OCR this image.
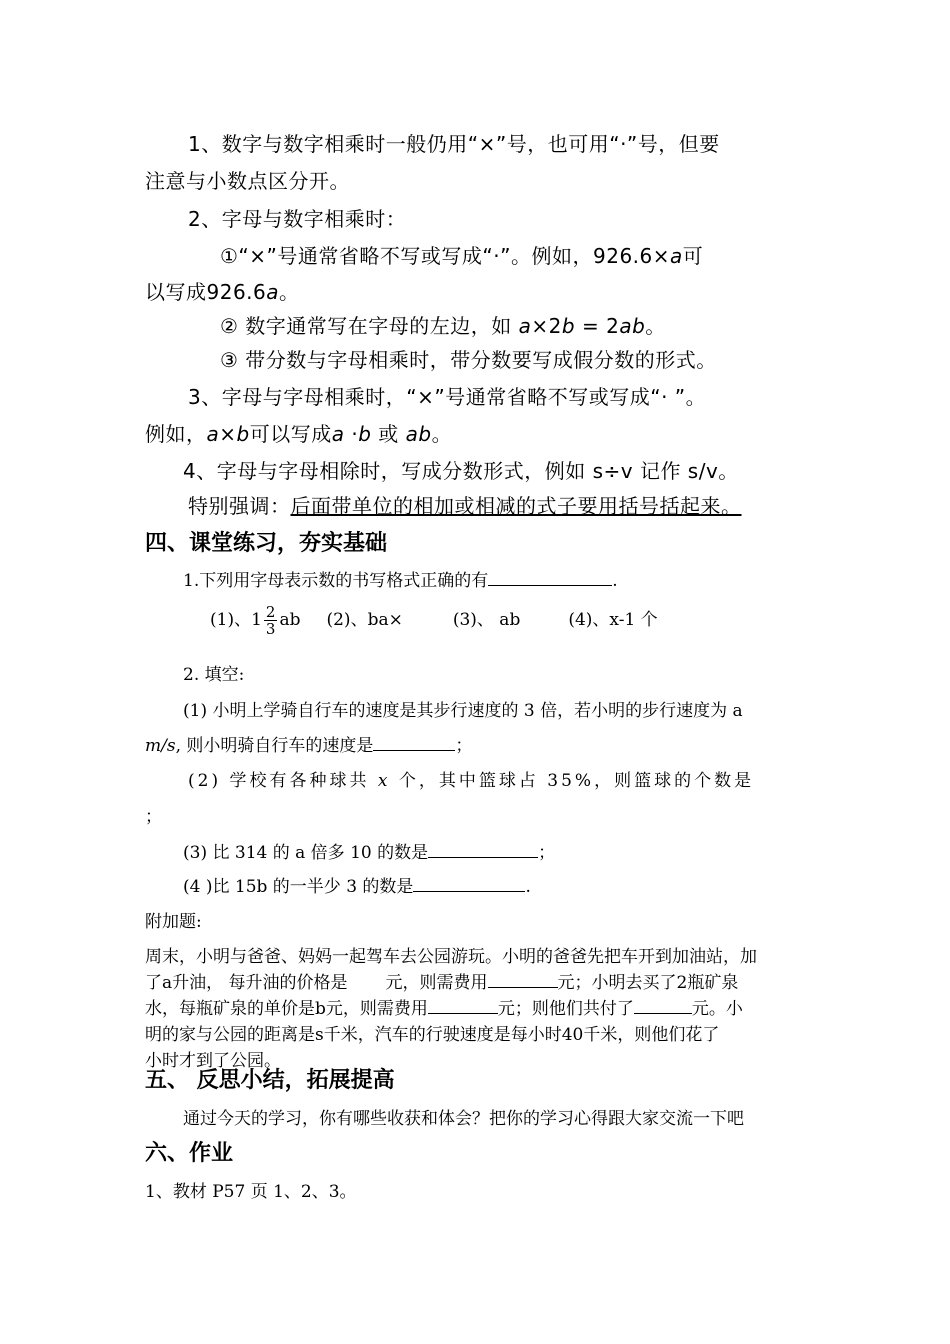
1、数字与数字相乘时一般仍用“×”号，也可用“·”号，但要
注意与小数点区分开。
2、字母与数字相乘时：
①“×”号通常省略不写或写成“·”。例如，926.6×a可
以写成926.6a。
② 数字通常写在字母的左边，如 a×2b = 2ab。
③ 带分数与字母相乘时，带分数要写成假分数的形式。
3、字母与字母相乘时，“×”号通常省略不写或写成“· ”。
例如，a×b可以写成a ·b 或 ab。
4、字母与字母相除时，写成分数形式，例如 s÷v 记作 s/v。
特别强调：后面带单位的相加或相减的式子要用括号括起来。
四、课堂练习，夯实基础
1.下列用字母表示数的书写格式正确的有	.
(1)、$1 \frac{2}{3}$ ab (2)、ba×	(3)、 ab	(4)、x-1 个
2. 填空:
(1) 小明上学骑自行车的速度是其步行速度的 3 倍，若小明的步行速度为 a
m/s, 则小明骑自行车的速度是	；
(2) 学校有各种球共 x 个，其中篮球占 35%，则篮球的个数是
；
(3) 比 314 的 a 倍多 10 的数是	；
(4 )比 15b 的一半少 3 的数是	.
附加题:
周末，小明与爸爸、妈妈一起驾车去公园游玩。小明的爸爸先把车开到加油站，加
了a升油， 每升油的价格是 元，则需费用	元；小明去买了2瓶矿泉
水，每瓶矿泉的单价是b元，则需费用	元；则他们共付了	元。小
明的家与公园的距离是s千米，汽车的行驶速度是每小时40千米，则他们花了
小时才到了公园。
五、 反思小结，拓展提高
通过今天的学习，你有哪些收获和体会？把你的学习心得跟大家交流一下吧
六、作业
1、教材 P57 页 1、2、3。
